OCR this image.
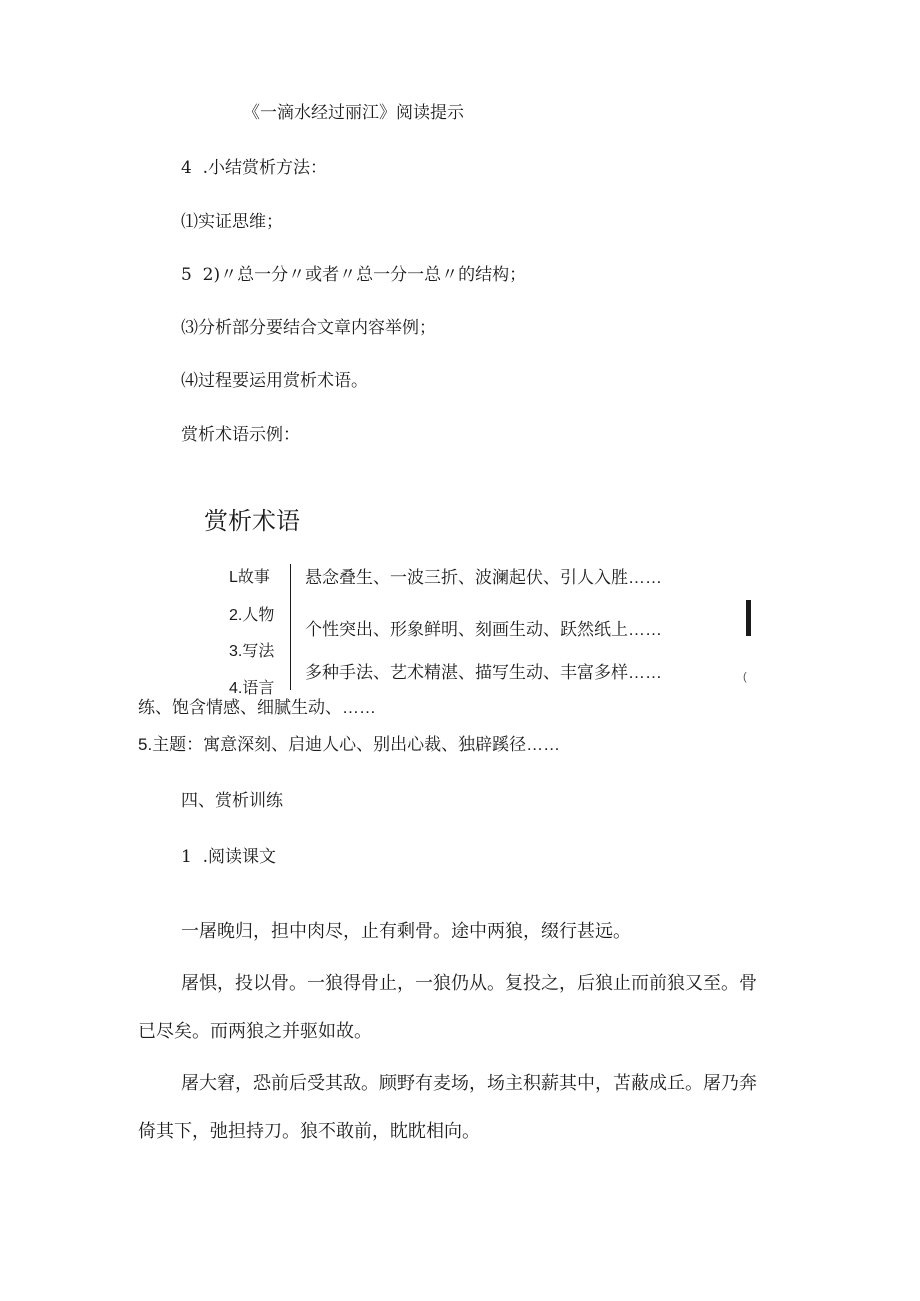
《一滴水经过丽江》阅读提示
4  .小结赏析方法：
⑴实证思维；
5  2)〃总一分〃或者〃总一分一总〃的结构；
⑶分析部分要结合文章内容举例；
⑷过程要运用赏析术语。
赏析术语示例：
赏析术语
L故事
2.人物
3.写法
4.语言
悬念叠生、一波三折、波澜起伏、引人入胜……
个性突出、形象鲜明、刻画生动、跃然纸上……
多种手法、艺术精湛、描写生动、丰富多样……	(
练、饱含情感、细腻生动、……
5.主题：寓意深刻、启迪人心、别出心裁、独辟蹊径……
四、赏析训练
1  .阅读课文
一屠晚归，担中肉尽，止有剩骨。途中两狼，缀行甚远。
屠惧，投以骨。一狼得骨止，一狼仍从。复投之，后狼止而前狼又至。骨
已尽矣。而两狼之并驱如故。
屠大窘，恐前后受其敌。顾野有麦场，场主积薪其中，苫蔽成丘。屠乃奔
倚其下，弛担持刀。狼不敢前，眈眈相向。
